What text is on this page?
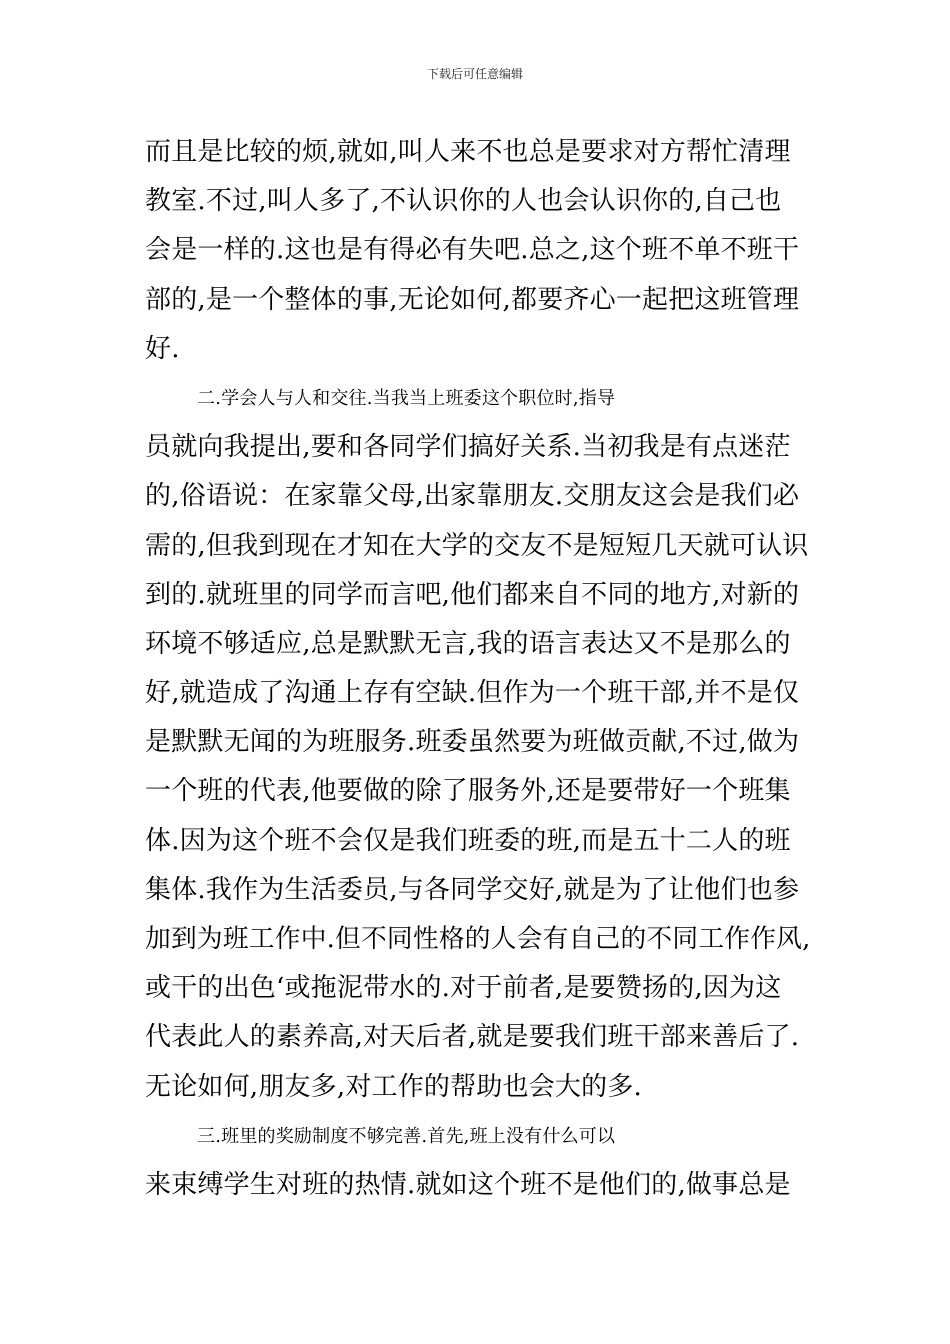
下载后可任意编辑
而且是比较的烦,就如,叫人来不也总是要求对方帮忙清理
教室.不过,叫人多了,不认识你的人也会认识你的,自己也
会是一样的.这也是有得必有失吧.总之,这个班不单不班干
部的,是一个整体的事,无论如何,都要齐心一起把这班管理
好.
二.学会人与人和交往.当我当上班委这个职位时,指导
员就向我提出,要和各同学们搞好关系.当初我是有点迷茫
的,俗语说：在家靠父母,出家靠朋友.交朋友这会是我们必
需的,但我到现在才知在大学的交友不是短短几天就可认识
到的.就班里的同学而言吧,他们都来自不同的地方,对新的
环境不够适应,总是默默无言,我的语言表达又不是那么的
好,就造成了沟通上存有空缺.但作为一个班干部,并不是仅
是默默无闻的为班服务.班委虽然要为班做贡献,不过,做为
一个班的代表,他要做的除了服务外,还是要带好一个班集
体.因为这个班不会仅是我们班委的班,而是五十二人的班
集体.我作为生活委员,与各同学交好,就是为了让他们也参
加到为班工作中.但不同性格的人会有自己的不同工作作风,
或干的出色‘或拖泥带水的.对于前者,是要赞扬的,因为这
代表此人的素养高,对天后者,就是要我们班干部来善后了.
无论如何,朋友多,对工作的帮助也会大的多.
三.班里的奖励制度不够完善.首先,班上没有什么可以
来束缚学生对班的热情.就如这个班不是他们的,做事总是
